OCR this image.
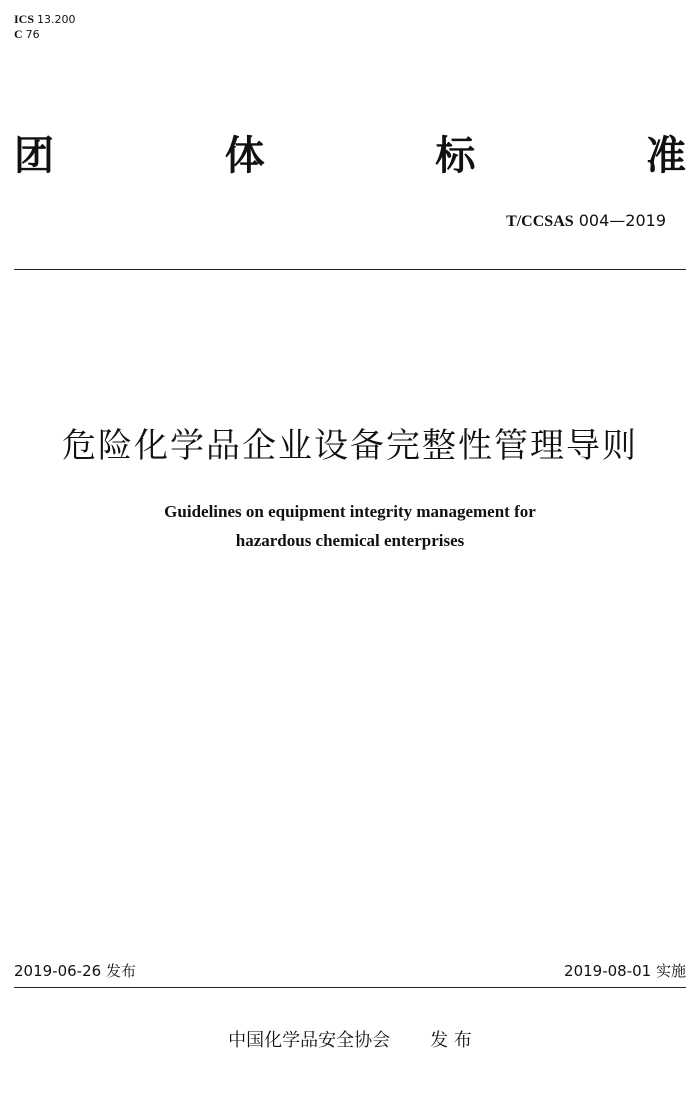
ICS 13.200
C 76
团	体	标	准
T/CCSAS 004—2019
危险化学品企业设备完整性管理导则
Guidelines on equipment integrity management for
hazardous chemical enterprises
2019-06-26 发布	2019-08-01 实施
中国化学品安全协会 发 布
